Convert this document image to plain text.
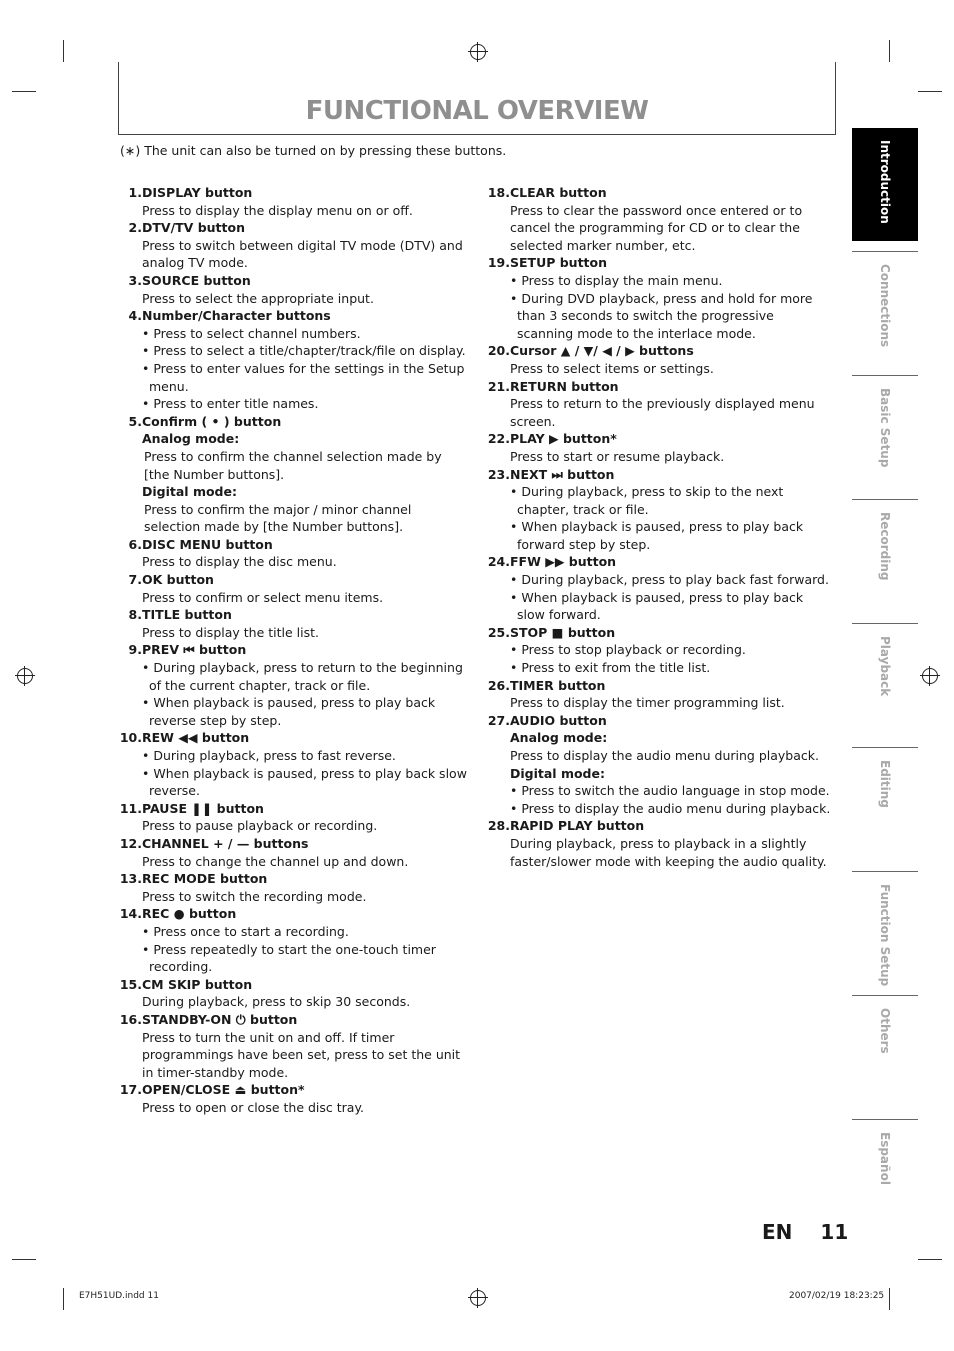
FUNCTIONAL OVERVIEW
(∗) The unit can also be turned on by pressing these buttons.
1.DISPLAY button
Press to display the display menu on or off.
2.DTV/TV button
Press to switch between digital TV mode (DTV) and analog TV mode.
3.SOURCE button
Press to select the appropriate input.
4.Number/Character buttons
• Press to select channel numbers.
• Press to select a title/chapter/track/file on display.
• Press to enter values for the settings in the Setup menu.
• Press to enter title names.
5.Confirm ( • ) button
Analog mode:
Press to confirm the channel selection made by [the Number buttons].
Digital mode:
Press to confirm the major / minor channel selection made by [the Number buttons].
6.DISC MENU button
Press to display the disc menu.
7.OK button
Press to confirm or select menu items.
8.TITLE button
Press to display the title list.
9.PREV ⏮ button
• During playback, press to return to the beginning of the current chapter, track or file.
• When playback is paused, press to play back reverse step by step.
10.REW ◀◀ button
• During playback, press to fast reverse.
• When playback is paused, press to play back slow reverse.
11.PAUSE ❚❚ button
Press to pause playback or recording.
12.CHANNEL + / — buttons
Press to change the channel up and down.
13.REC MODE button
Press to switch the recording mode.
14.REC ● button
• Press once to start a recording.
• Press repeatedly to start the one-touch timer recording.
15.CM SKIP button
During playback, press to skip 30 seconds.
16.STANDBY-ON ⏻ button
Press to turn the unit on and off. If timer programmings have been set, press to set the unit in timer-standby mode.
17.OPEN/CLOSE ⏏ button*
Press to open or close the disc tray.
18.CLEAR button
Press to clear the password once entered or to cancel the programming for CD or to clear the selected marker number, etc.
19.SETUP button
• Press to display the main menu.
• During DVD playback, press and hold for more than 3 seconds to switch the progressive scanning mode to the interlace mode.
20.Cursor ▲ / ▼/ ◀ / ▶ buttons
Press to select items or settings.
21.RETURN button
Press to return to the previously displayed menu screen.
22.PLAY ▶ button*
Press to start or resume playback.
23.NEXT ⏭ button
• During playback, press to skip to the next chapter, track or file.
• When playback is paused, press to play back forward step by step.
24.FFW ▶▶ button
• During playback, press to play back fast forward.
• When playback is paused, press to play back slow forward.
25.STOP ■ button
• Press to stop playback or recording.
• Press to exit from the title list.
26.TIMER button
Press to display the timer programming list.
27.AUDIO button
Analog mode:
Press to display the audio menu during playback.
Digital mode:
• Press to switch the audio language in stop mode.
• Press to display the audio menu during playback.
28.RAPID PLAY button
During playback, press to playback in a slightly faster/slower mode with keeping the audio quality.
Introduction
Connections
Basic Setup
Recording
Playback
Editing
Function Setup
Others
Español
EN 11
E7H51UD.indd 11	2007/02/19 18:23:25
